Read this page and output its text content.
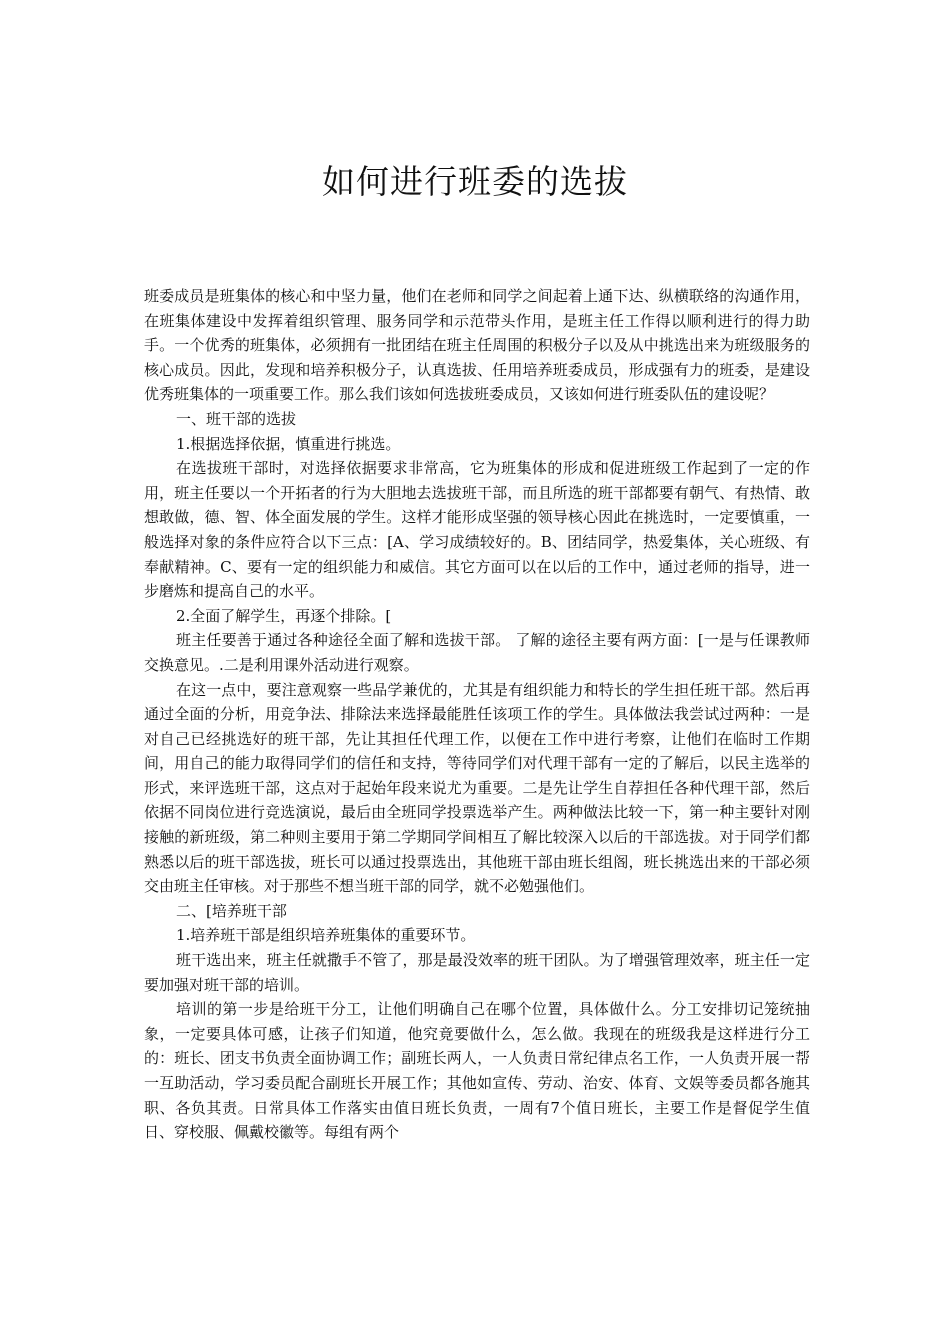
如何进行班委的选拔

班委成员是班集体的核心和中坚力量，他们在老师和同学之间起着上通下达、纵横联络的沟通作用，在班集体建设中发挥着组织管理、服务同学和示范带头作用，是班主任工作得以顺利进行的得力助手。一个优秀的班集体，必须拥有一批团结在班主任周围的积极分子以及从中挑选出来为班级服务的核心成员。因此，发现和培养积极分子，认真选拔、任用培养班委成员，形成强有力的班委，是建设优秀班集体的一项重要工作。那么我们该如何选拔班委成员，又该如何进行班委队伍的建设呢？

一、班干部的选拔

1.根据选择依据，慎重进行挑选。

在选拔班干部时，对选择依据要求非常高，它为班集体的形成和促进班级工作起到了一定的作用，班主任要以一个开拓者的行为大胆地去选拔班干部，而且所选的班干部都要有朝气、有热情、敢想敢做，德、智、体全面发展的学生。这样才能形成坚强的领导核心因此在挑选时，一定要慎重，一般选择对象的条件应符合以下三点：[A、学习成绩较好的。B、团结同学，热爱集体，关心班级、有奉献精神。C、要有一定的组织能力和威信。其它方面可以在以后的工作中，通过老师的指导，进一步磨炼和提高自己的水平。

2.全面了解学生，再逐个排除。[

班主任要善于通过各种途径全面了解和选拔干部。 了解的途径主要有两方面：[一是与任课教师交换意见。.二是利用课外活动进行观察。

在这一点中，要注意观察一些品学兼优的，尤其是有组织能力和特长的学生担任班干部。然后再通过全面的分析，用竞争法、排除法来选择最能胜任该项工作的学生。具体做法我尝试过两种：一是对自己已经挑选好的班干部，先让其担任代理工作，以便在工作中进行考察，让他们在临时工作期间，用自己的能力取得同学们的信任和支持，等待同学们对代理干部有一定的了解后，以民主选举的形式，来评选班干部，这点对于起始年段来说尤为重要。二是先让学生自荐担任各种代理干部，然后依据不同岗位进行竞选演说，最后由全班同学投票选举产生。两种做法比较一下，第一种主要针对刚接触的新班级，第二种则主要用于第二学期同学间相互了解比较深入以后的干部选拔。对于同学们都熟悉以后的班干部选拔，班长可以通过投票选出，其他班干部由班长组阁，班长挑选出来的干部必须交由班主任审核。对于那些不想当班干部的同学，就不必勉强他们。

二、[培养班干部

1.培养班干部是组织培养班集体的重要环节。

班干选出来，班主任就撒手不管了，那是最没效率的班干团队。为了增强管理效率，班主任一定要加强对班干部的培训。

培训的第一步是给班干分工，让他们明确自己在哪个位置，具体做什么。分工安排切记笼统抽象，一定要具体可感，让孩子们知道，他究竟要做什么，怎么做。我现在的班级我是这样进行分工的：班长、团支书负责全面协调工作；副班长两人，一人负责日常纪律点名工作，一人负责开展一帮一互助活动，学习委员配合副班长开展工作；其他如宣传、劳动、治安、体育、文娱等委员都各施其职、各负其责。日常具体工作落实由值日班长负责，一周有7个值日班长，主要工作是督促学生值日、穿校服、佩戴校徽等。每组有两个
